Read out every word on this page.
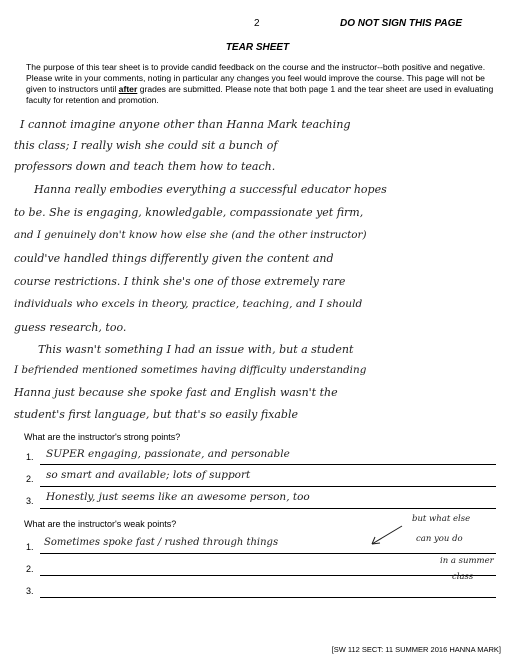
2	DO NOT SIGN THIS PAGE
TEAR SHEET
The purpose of this tear sheet is to provide candid feedback on the course and the instructor--both positive and negative. Please write in your comments, noting in particular any changes you feel would improve the course. This page will not be given to instructors until after grades are submitted. Please note that both page 1 and the tear sheet are used in evaluating faculty for retention and promotion.
I cannot imagine anyone other than Hanna Mark teaching
this class; I really wish she could sit a bunch of
professors down and teach them how to teach.
Hanna really embodies everything a successful educator hopes
to be. She is engaging, knowledgable, compassionate yet firm,
and I genuinely don't know how else she (and the other instructor)
could've handled things differently given the content and
course restrictions. I think she's one of those extremely rare
individuals who excels in theory, practice, teaching, and I should
guess research, too.
This wasn't something I had an issue with, but a student
I befriended mentioned sometimes having difficulty understanding
Hanna just because she spoke fast and English wasn't the
student's first language, but that's so easily fixable
What are the instructor's strong points?
1. SUPER engaging, passionate, and personable
2. so smart and available; lots of support
3. Honestly, just seems like an awesome person, too
What are the instructor's weak points?
1. Sometimes spoke fast / rushed through things
2.
3.
but what else
can you do
in a summer
class
[SW 112 SECT: 11 SUMMER 2016 HANNA MARK]
